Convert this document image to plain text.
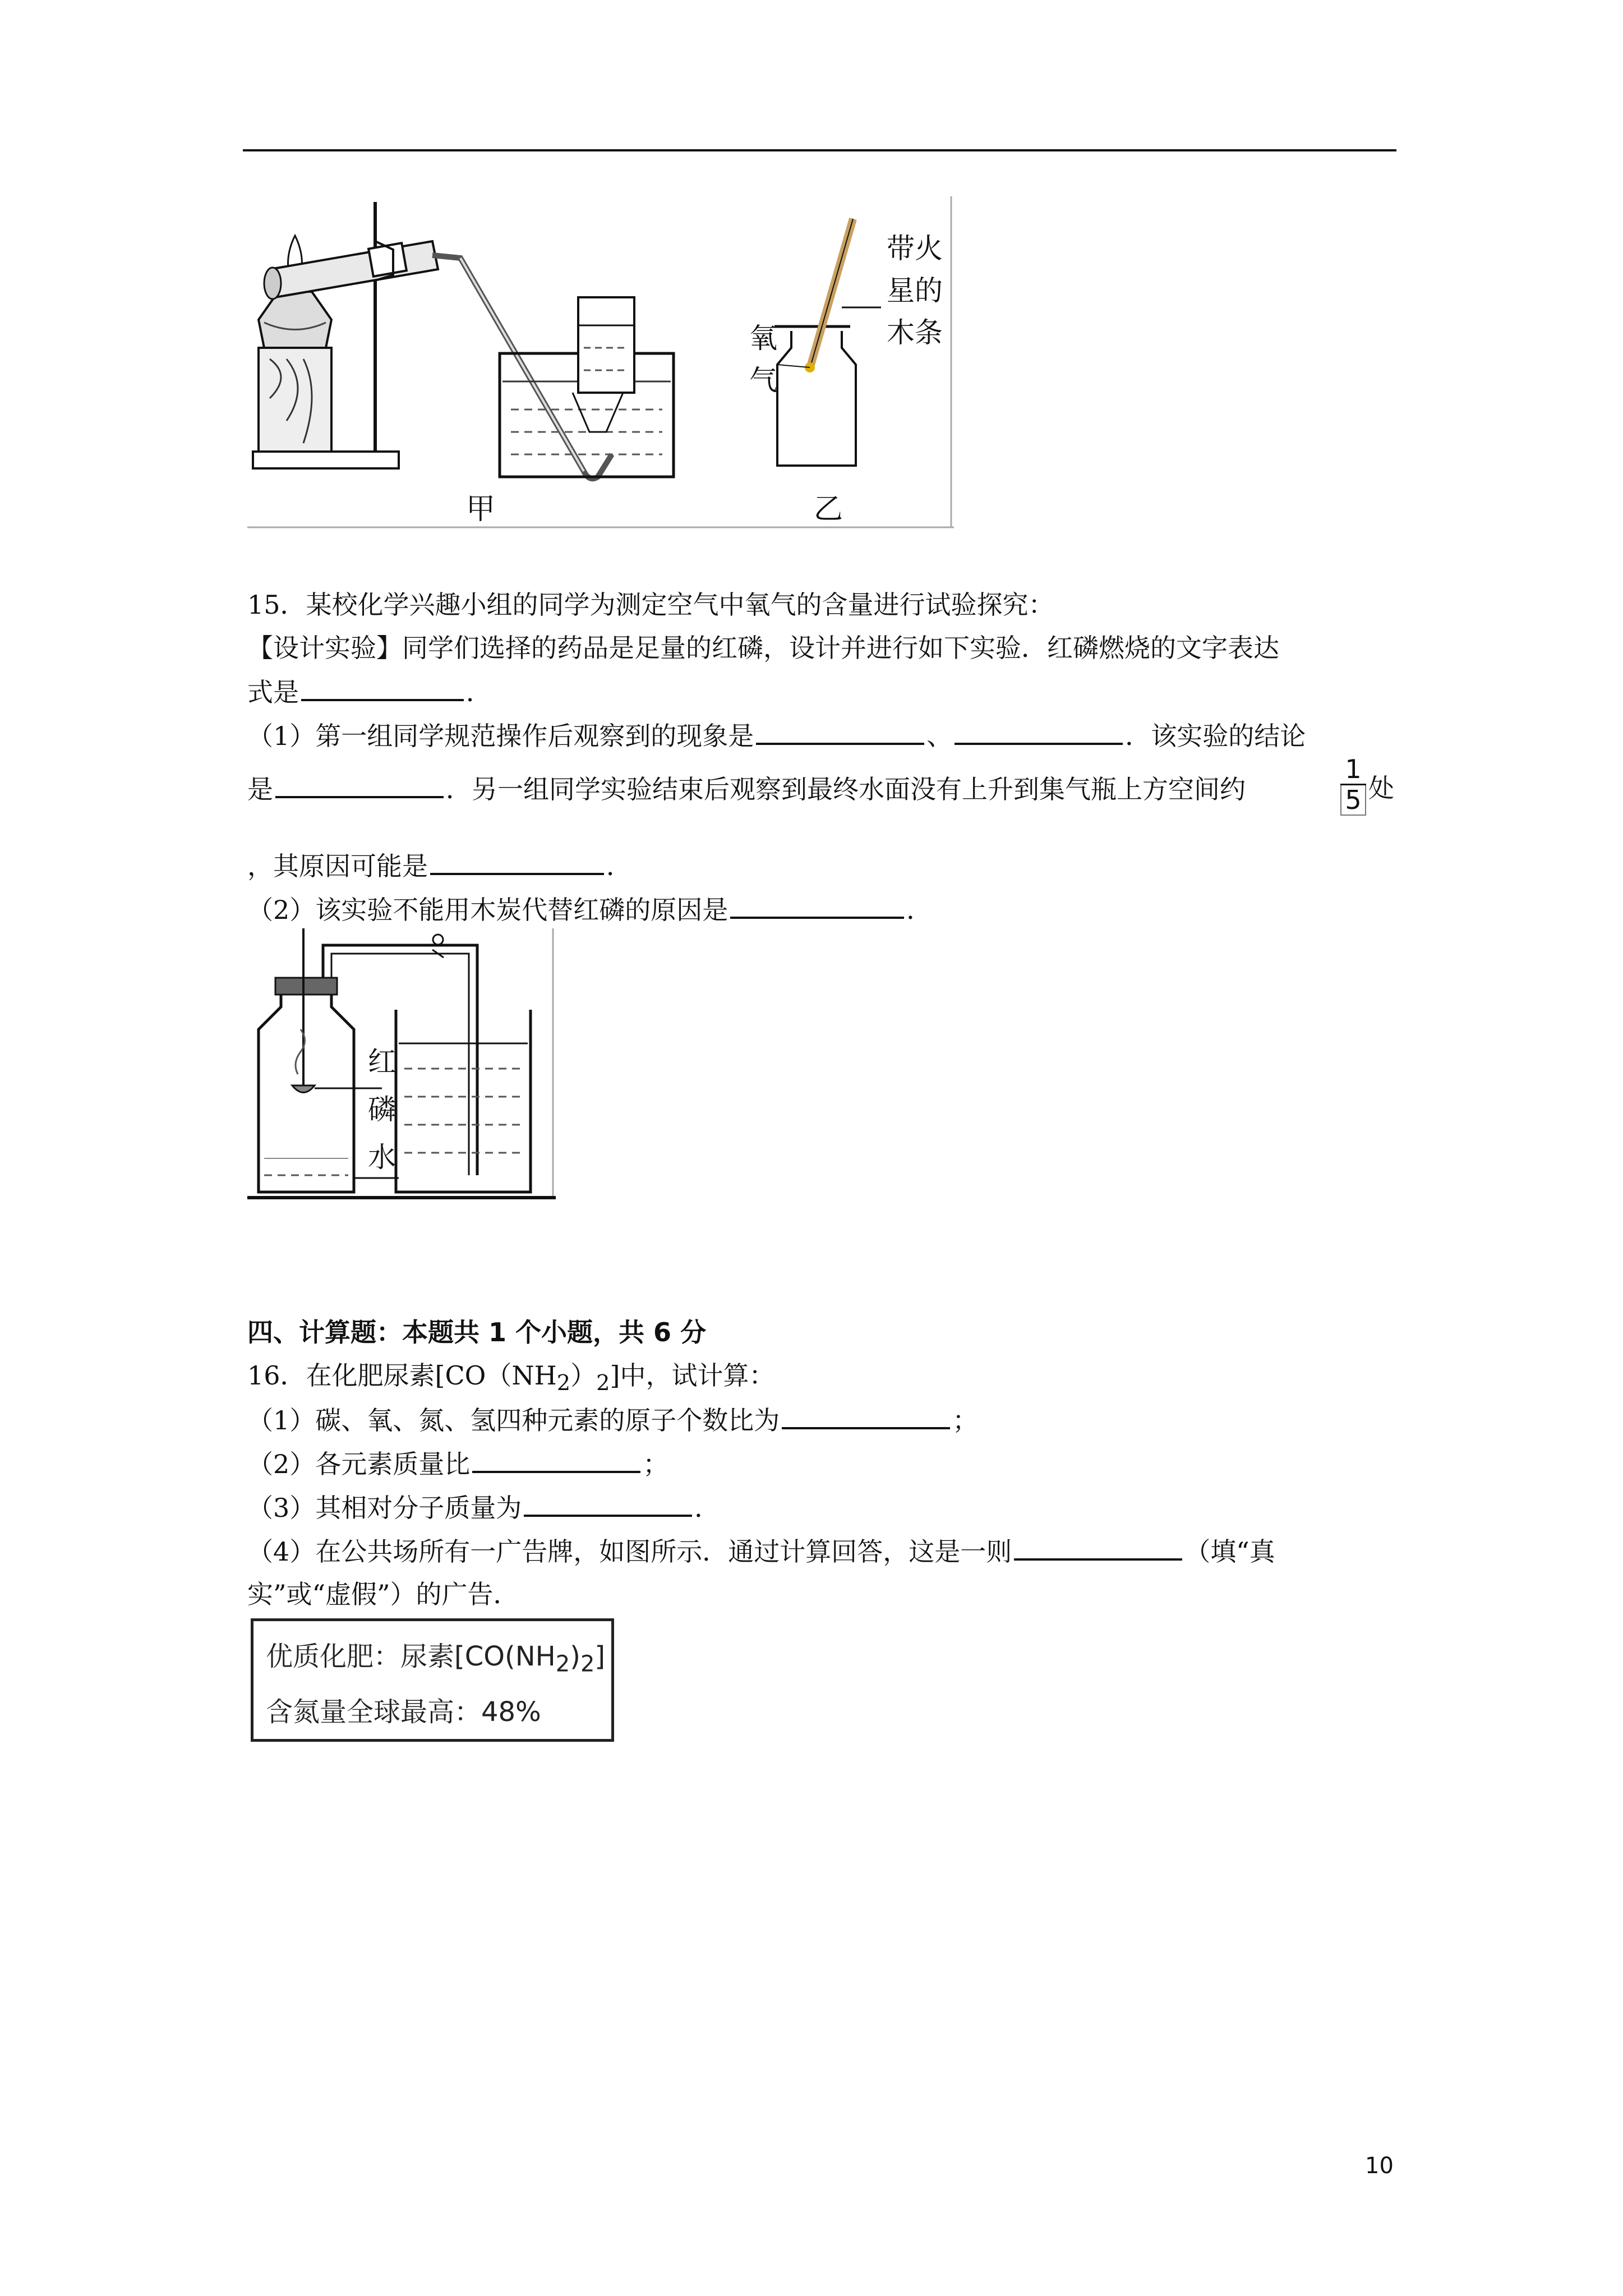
带火
星的
木条
氧
气
甲	乙
15．某校化学兴趣小组的同学为测定空气中氧气的含量进行试验探究：
【设计实验】同学们选择的药品是足量的红磷，设计并进行如下实验．红磷燃烧的文字表达
式是	．
（1）第一组同学规范操作后观察到的现象是	、	．该实验的结论
是	．另一组同学实验结束后观察到最终水面没有上升到集气瓶上方空间约	$\frac{1}{5}$ 处
，其原因可能是	．
（2）该实验不能用木炭代替红磷的原因是	．
红
磷
水
四、计算题：本题共 1 个小题，共 6 分
16．在化肥尿素$[CO(NH_2)_2]$中，试计算：
（1）碳、氧、氮、氢四种元素的原子个数比为	；
（2）各元素质量比	；
（3）其相对分子质量为	．
（4）在公共场所有一广告牌，如图所示．通过计算回答，这是一则	（填“真
实”或“虚假”）的广告．
优质化肥：尿素$[CO(NH_2)_2]$
含氮量全球最高：48%
10
